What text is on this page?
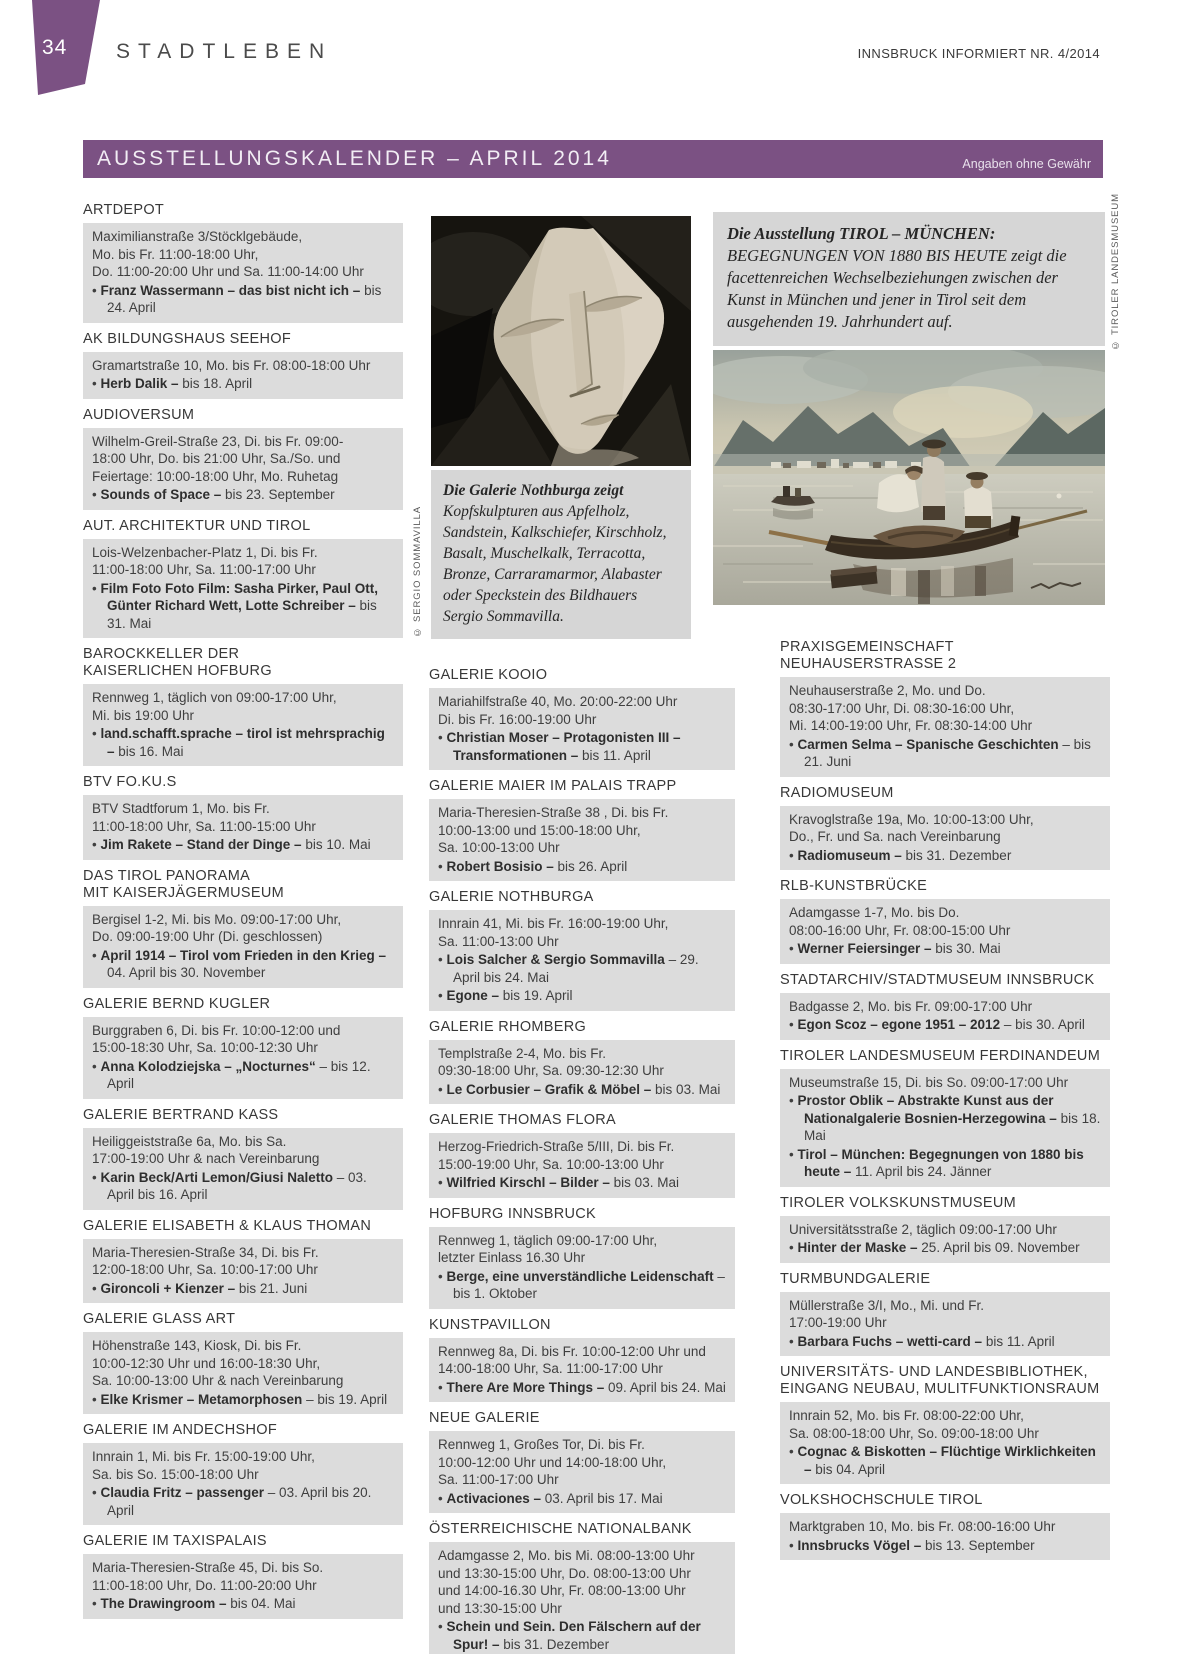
34 STADTLEBEN	INNSBRUCK INFORMIERT NR. 4/2014
AUSSTELLUNGSKALENDER – APRIL 2014	Angaben ohne Gewähr
ARTDEPOT
Maximilianstraße 3/Stöcklgebäude,
Mo. bis Fr. 11:00-18:00 Uhr,
Do. 11:00-20:00 Uhr und Sa. 11:00-14:00 Uhr
• Franz Wassermann – das bist nicht ich – bis 24. April
AK BILDUNGSHAUS SEEHOF
Gramartstraße 10, Mo. bis Fr. 08:00-18:00 Uhr
• Herb Dalik – bis 18. April
AUDIOVERSUM
Wilhelm-Greil-Straße 23, Di. bis Fr. 09:00-
18:00 Uhr, Do. bis 21:00 Uhr, Sa./So. und
Feiertage: 10:00-18:00 Uhr, Mo. Ruhetag
• Sounds of Space – bis 23. September
AUT. ARCHITEKTUR UND TIROL
Lois-Welzenbacher-Platz 1, Di. bis Fr.
11:00-18:00 Uhr, Sa. 11:00-17:00 Uhr
• Film Foto Foto Film: Sasha Pirker, Paul Ott, Günter Richard Wett, Lotte Schreiber – bis 31. Mai
BAROCKKELLER DER
KAISERLICHEN HOFBURG
Rennweg 1, täglich von 09:00-17:00 Uhr,
Mi. bis 19:00 Uhr
• land.schafft.sprache – tirol ist mehrsprachig – bis 16. Mai
BTV FO.KU.S
BTV Stadtforum 1, Mo. bis Fr.
11:00-18:00 Uhr, Sa. 11:00-15:00 Uhr
• Jim Rakete – Stand der Dinge – bis 10. Mai
DAS TIROL PANORAMA
MIT KAISERJÄGERMUSEUM
Bergisel 1-2, Mi. bis Mo. 09:00-17:00 Uhr,
Do. 09:00-19:00 Uhr (Di. geschlossen)
• April 1914 – Tirol vom Frieden in den Krieg – 04. April bis 30. November
GALERIE BERND KUGLER
Burggraben 6, Di. bis Fr. 10:00-12:00 und
15:00-18:30 Uhr, Sa. 10:00-12:30 Uhr
• Anna Kolodziejska – „Nocturnes“ – bis 12. April
GALERIE BERTRAND KASS
Heiliggeiststraße 6a, Mo. bis Sa.
17:00-19:00 Uhr & nach Vereinbarung
• Karin Beck/Arti Lemon/Giusi Naletto – 03. April bis 16. April
GALERIE ELISABETH & KLAUS THOMAN
Maria-Theresien-Straße 34, Di. bis Fr.
12:00-18:00 Uhr, Sa. 10:00-17:00 Uhr
• Gironcoli + Kienzer – bis 21. Juni
GALERIE GLASS ART
Höhenstraße 143, Kiosk, Di. bis Fr.
10:00-12:30 Uhr und 16:00-18:30 Uhr,
Sa. 10:00-13:00 Uhr & nach Vereinbarung
• Elke Krismer – Metamorphosen – bis 19. April
GALERIE IM ANDECHSHOF
Innrain 1, Mi. bis Fr. 15:00-19:00 Uhr,
Sa. bis So. 15:00-18:00 Uhr
• Claudia Fritz – passenger – 03. April bis 20. April
GALERIE IM TAXISPALAIS
Maria-Theresien-Straße 45, Di. bis So.
11:00-18:00 Uhr, Do. 11:00-20:00 Uhr
• The Drawingroom – bis 04. Mai
Die Galerie Nothburga zeigt Kopfskulpturen aus Apfelholz, Sandstein, Kalkschiefer, Kirschholz, Basalt, Muschelkalk, Terracotta, Bronze, Carraramarmor, Alabaster oder Speckstein des Bildhauers Sergio Sommavilla.
© SERGIO SOMMAVILLA
GALERIE KOOIO
Mariahilfstraße 40, Mo. 20:00-22:00 Uhr
Di. bis Fr. 16:00-19:00 Uhr
• Christian Moser – Protagonisten III – Transformationen – bis 11. April
GALERIE MAIER IM PALAIS TRAPP
Maria-Theresien-Straße 38 , Di. bis Fr.
10:00-13:00 und 15:00-18:00 Uhr,
Sa. 10:00-13:00 Uhr
• Robert Bosisio – bis 26. April
GALERIE NOTHBURGA
Innrain 41, Mi. bis Fr. 16:00-19:00 Uhr,
Sa. 11:00-13:00 Uhr
• Lois Salcher & Sergio Sommavilla – 29. April bis 24. Mai
• Egone – bis 19. April
GALERIE RHOMBERG
Templstraße 2-4, Mo. bis Fr.
09:30-18:00 Uhr, Sa. 09:30-12:30 Uhr
• Le Corbusier – Grafik & Möbel – bis 03. Mai
GALERIE THOMAS FLORA
Herzog-Friedrich-Straße 5/III, Di. bis Fr.
15:00-19:00 Uhr, Sa. 10:00-13:00 Uhr
• Wilfried Kirschl – Bilder – bis 03. Mai
HOFBURG INNSBRUCK
Rennweg 1, täglich 09:00-17:00 Uhr,
letzter Einlass 16.30 Uhr
• Berge, eine unverständliche Leidenschaft – bis 1. Oktober
KUNSTPAVILLON
Rennweg 8a, Di. bis Fr. 10:00-12:00 Uhr und
14:00-18:00 Uhr, Sa. 11:00-17:00 Uhr
• There Are More Things – 09. April bis 24. Mai
NEUE GALERIE
Rennweg 1, Großes Tor, Di. bis Fr.
10:00-12:00 Uhr und 14:00-18:00 Uhr,
Sa. 11:00-17:00 Uhr
• Activaciones – 03. April bis 17. Mai
ÖSTERREICHISCHE NATIONALBANK
Adamgasse 2, Mo. bis Mi. 08:00-13:00 Uhr
und 13:30-15:00 Uhr, Do. 08:00-13:00 Uhr
und 14:00-16.30 Uhr, Fr. 08:00-13:00 Uhr
und 13:30-15:00 Uhr
• Schein und Sein. Den Fälschern auf der Spur! – bis 31. Dezember
Die Ausstellung TIROL – MÜNCHEN: BEGEGNUNGEN VON 1880 BIS HEUTE zeigt die facettenreichen Wechselbeziehungen zwischen der Kunst in München und jener in Tirol seit dem ausgehenden 19. Jahrhundert auf.	© TIROLER LANDESMUSEUM
PRAXISGEMEINSCHAFT
NEUHAUSERSTRASSE 2
Neuhauserstraße 2, Mo. und Do.
08:30-17:00 Uhr, Di. 08:30-16:00 Uhr,
Mi. 14:00-19:00 Uhr, Fr. 08:30-14:00 Uhr
• Carmen Selma – Spanische Geschichten – bis 21. Juni
RADIOMUSEUM
Kravoglstraße 19a, Mo. 10:00-13:00 Uhr,
Do., Fr. und Sa. nach Vereinbarung
• Radiomuseum – bis 31. Dezember
RLB-KUNSTBRÜCKE
Adamgasse 1-7, Mo. bis Do.
08:00-16:00 Uhr, Fr. 08:00-15:00 Uhr
• Werner Feiersinger – bis 30. Mai
STADTARCHIV/STADTMUSEUM INNSBRUCK
Badgasse 2, Mo. bis Fr. 09:00-17:00 Uhr
• Egon Scoz – egone 1951 – 2012 – bis 30. April
TIROLER LANDESMUSEUM FERDINANDEUM
Museumstraße 15, Di. bis So. 09:00-17:00 Uhr
• Prostor Oblik – Abstrakte Kunst aus der Nationalgalerie Bosnien-Herzegowina – bis 18. Mai
• Tirol – München: Begegnungen von 1880 bis heute – 11. April bis 24. Jänner
TIROLER VOLKSKUNSTMUSEUM
Universitätsstraße 2, täglich 09:00-17:00 Uhr
• Hinter der Maske – 25. April bis 09. November
TURMBUNDGALERIE
Müllerstraße 3/I, Mo., Mi. und Fr.
17:00-19:00 Uhr
• Barbara Fuchs – wetti-card – bis 11. April
UNIVERSITÄTS- UND LANDESBIBLIOTHEK,
EINGANG NEUBAU, MULITFUNKTIONSRAUM
Innrain 52, Mo. bis Fr. 08:00-22:00 Uhr,
Sa. 08:00-18:00 Uhr, So. 09:00-18:00 Uhr
• Cognac & Biskotten – Flüchtige Wirklichkeiten – bis 04. April
VOLKSHOCHSCHULE TIROL
Marktgraben 10, Mo. bis Fr. 08:00-16:00 Uhr
• Innsbrucks Vögel – bis 13. September
